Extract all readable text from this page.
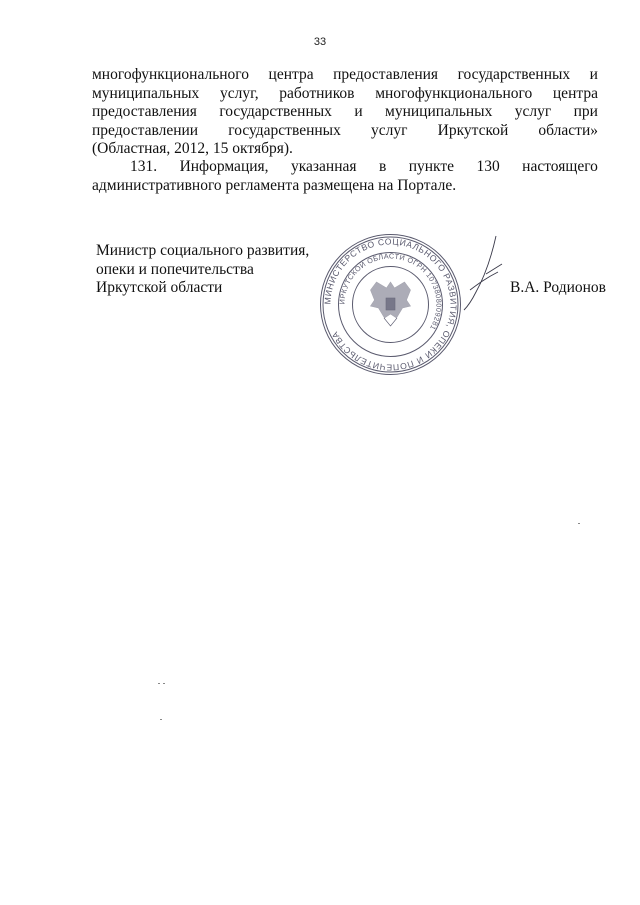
33
многофункционального центра предоставления государственных и
муниципальных услуг, работников многофункционального центра
предоставления государственных и муниципальных услуг при
предоставлении государственных услуг Иркутской области»
(Областная, 2012, 15 октября).
131. Информация, указанная в пункте 130 настоящего
административного регламента размещена на Портале.
Министр социального развития,
опеки и попечительства
Иркутской области
МИНИСТЕРСТВО СОЦИАЛЬНОГО РАЗВИТИЯ, ОПЕКИ И ПОПЕЧИТЕЛЬСТВА
ИРКУТСКОЙ ОБЛАСТИ ОГРН 1073808009281
В.А. Родионов
